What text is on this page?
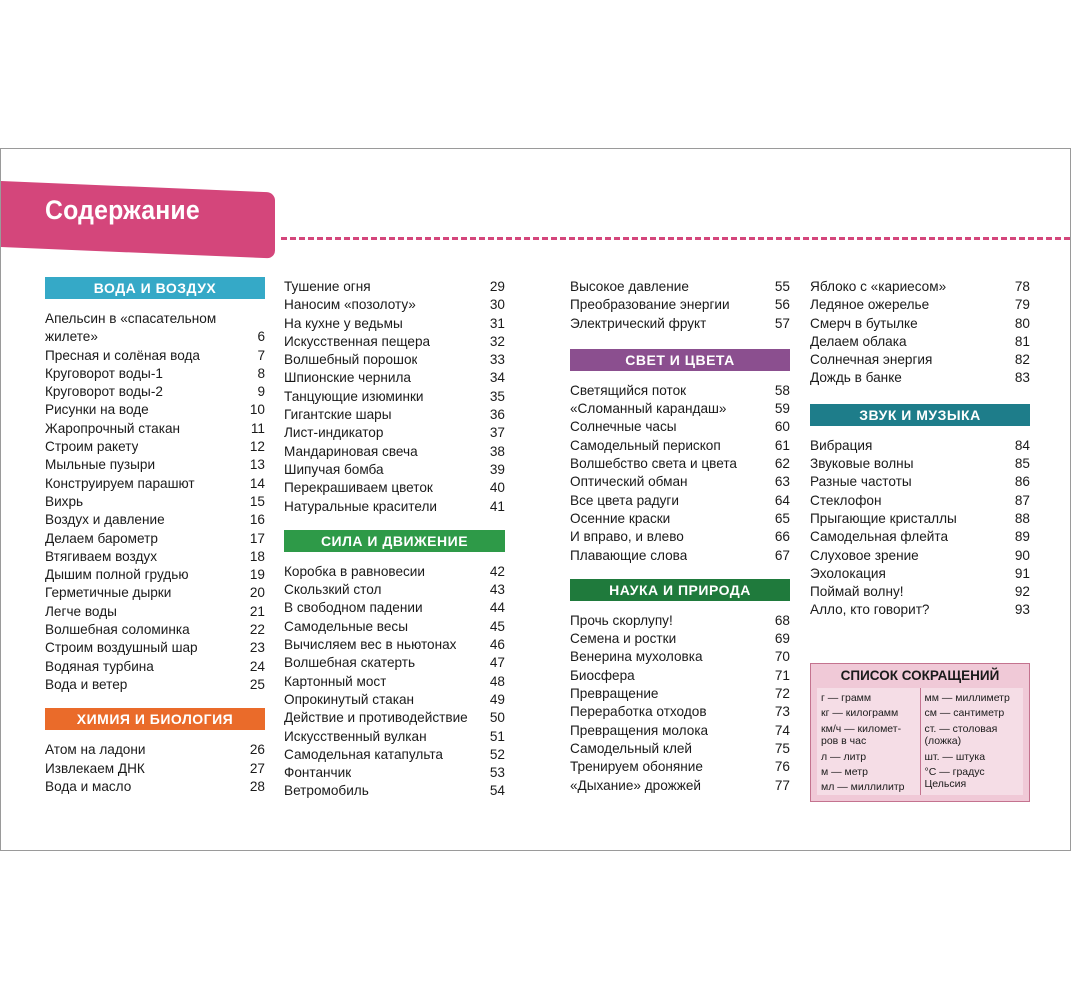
Содержание
ВОДА И ВОЗДУХ
Апельсин в «спасательном жилете»	6
Пресная и солёная вода	7
Круговорот воды-1	8
Круговорот воды-2	9
Рисунки на воде	10
Жаропрочный стакан	11
Строим ракету	12
Мыльные пузыри	13
Конструируем парашют	14
Вихрь	15
Воздух и давление	16
Делаем барометр	17
Втягиваем воздух	18
Дышим полной грудью	19
Герметичные дырки	20
Легче воды	21
Волшебная соломинка	22
Строим воздушный шар	23
Водяная турбина	24
Вода и ветер	25
ХИМИЯ И БИОЛОГИЯ
Атом на ладони	26
Извлекаем ДНК	27
Вода и масло	28
Тушение огня	29
Наносим «позолоту»	30
На кухне у ведьмы	31
Искусственная пещера	32
Волшебный порошок	33
Шпионские чернила	34
Танцующие изюминки	35
Гигантские шары	36
Лист-индикатор	37
Мандариновая свеча	38
Шипучая бомба	39
Перекрашиваем цветок	40
Натуральные красители	41
СИЛА И ДВИЖЕНИЕ
Коробка в равновесии	42
Скользкий стол	43
В свободном падении	44
Самодельные весы	45
Вычисляем вес в ньютонах	46
Волшебная скатерть	47
Картонный мост	48
Опрокинутый стакан	49
Действие и противодействие	50
Искусственный вулкан	51
Самодельная катапульта	52
Фонтанчик	53
Ветромобиль	54
Высокое давление	55
Преобразование энергии	56
Электрический фрукт	57
СВЕТ И ЦВЕТА
Светящийся поток	58
«Сломанный карандаш»	59
Солнечные часы	60
Самодельный перископ	61
Волшебство света и цвета	62
Оптический обман	63
Все цвета радуги	64
Осенние краски	65
И вправо, и влево	66
Плавающие слова	67
НАУКА И ПРИРОДА
Прочь скорлупу!	68
Семена и ростки	69
Венерина мухоловка	70
Биосфера	71
Превращение	72
Переработка отходов	73
Превращения молока	74
Самодельный клей	75
Тренируем обоняние	76
«Дыхание» дрожжей	77
Яблоко с «кариесом»	78
Ледяное ожерелье	79
Смерч в бутылке	80
Делаем облака	81
Солнечная энергия	82
Дождь в банке	83
ЗВУК И МУЗЫКА
Вибрация	84
Звуковые волны	85
Разные частоты	86
Стеклофон	87
Прыгающие кристаллы	88
Самодельная флейта	89
Слуховое зрение	90
Эхолокация	91
Поймай волну!	92
Алло, кто говорит?	93
СПИСОК СОКРАЩЕНИЙ
г — грамм
кг — килограмм
км/ч — километ-ров в час
л — литр
м — метр
мл — миллилитр
мм — миллиметр
см — сантиметр
ст. — столовая (ложка)
шт. — штука
°С — градус Цельсия
